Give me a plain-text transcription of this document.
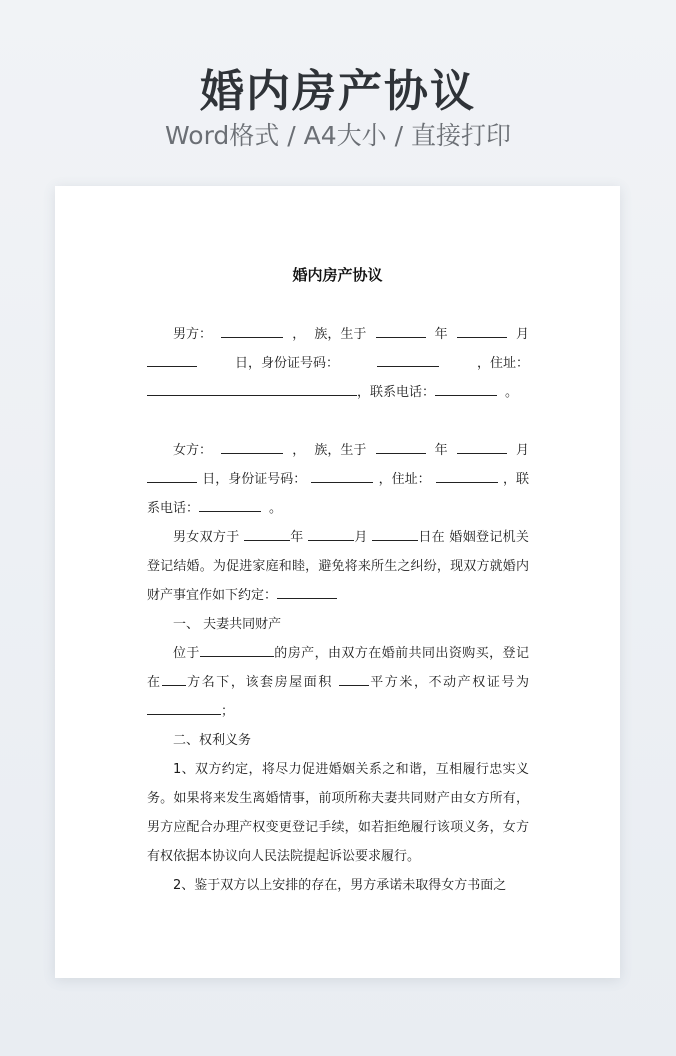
婚内房产协议
Word格式 / A4大小 / 直接打印
婚内房产协议
男方：	， 族，生于	年	月
日，身份证号码：	，住址：
，联系电话：	。
女方：	， 族，生于	年	月
日，身份证号码：	，住址：	，联
系电话：	。

男女双方于	年	月	日在 婚姻登记机关登记结婚。为促进家庭和睦，避免将来所生之纠纷，现双方就婚内财产事宜作如下约定：

一、 夫妻共同财产

位于	的房产，由双方在婚前共同出资购买，登记在 方名下，该套房屋面积	平方米，不动产权证号为 ；

二、权利义务

1、双方约定，将尽力促进婚姻关系之和谐，互相履行忠实义务。如果将来发生离婚情事，前项所称夫妻共同财产由女方所有，男方应配合办理产权变更登记手续，如若拒绝履行该项义务，女方有权依据本协议向人民法院提起诉讼要求履行。

2、鉴于双方以上安排的存在，男方承诺未取得女方书面之
